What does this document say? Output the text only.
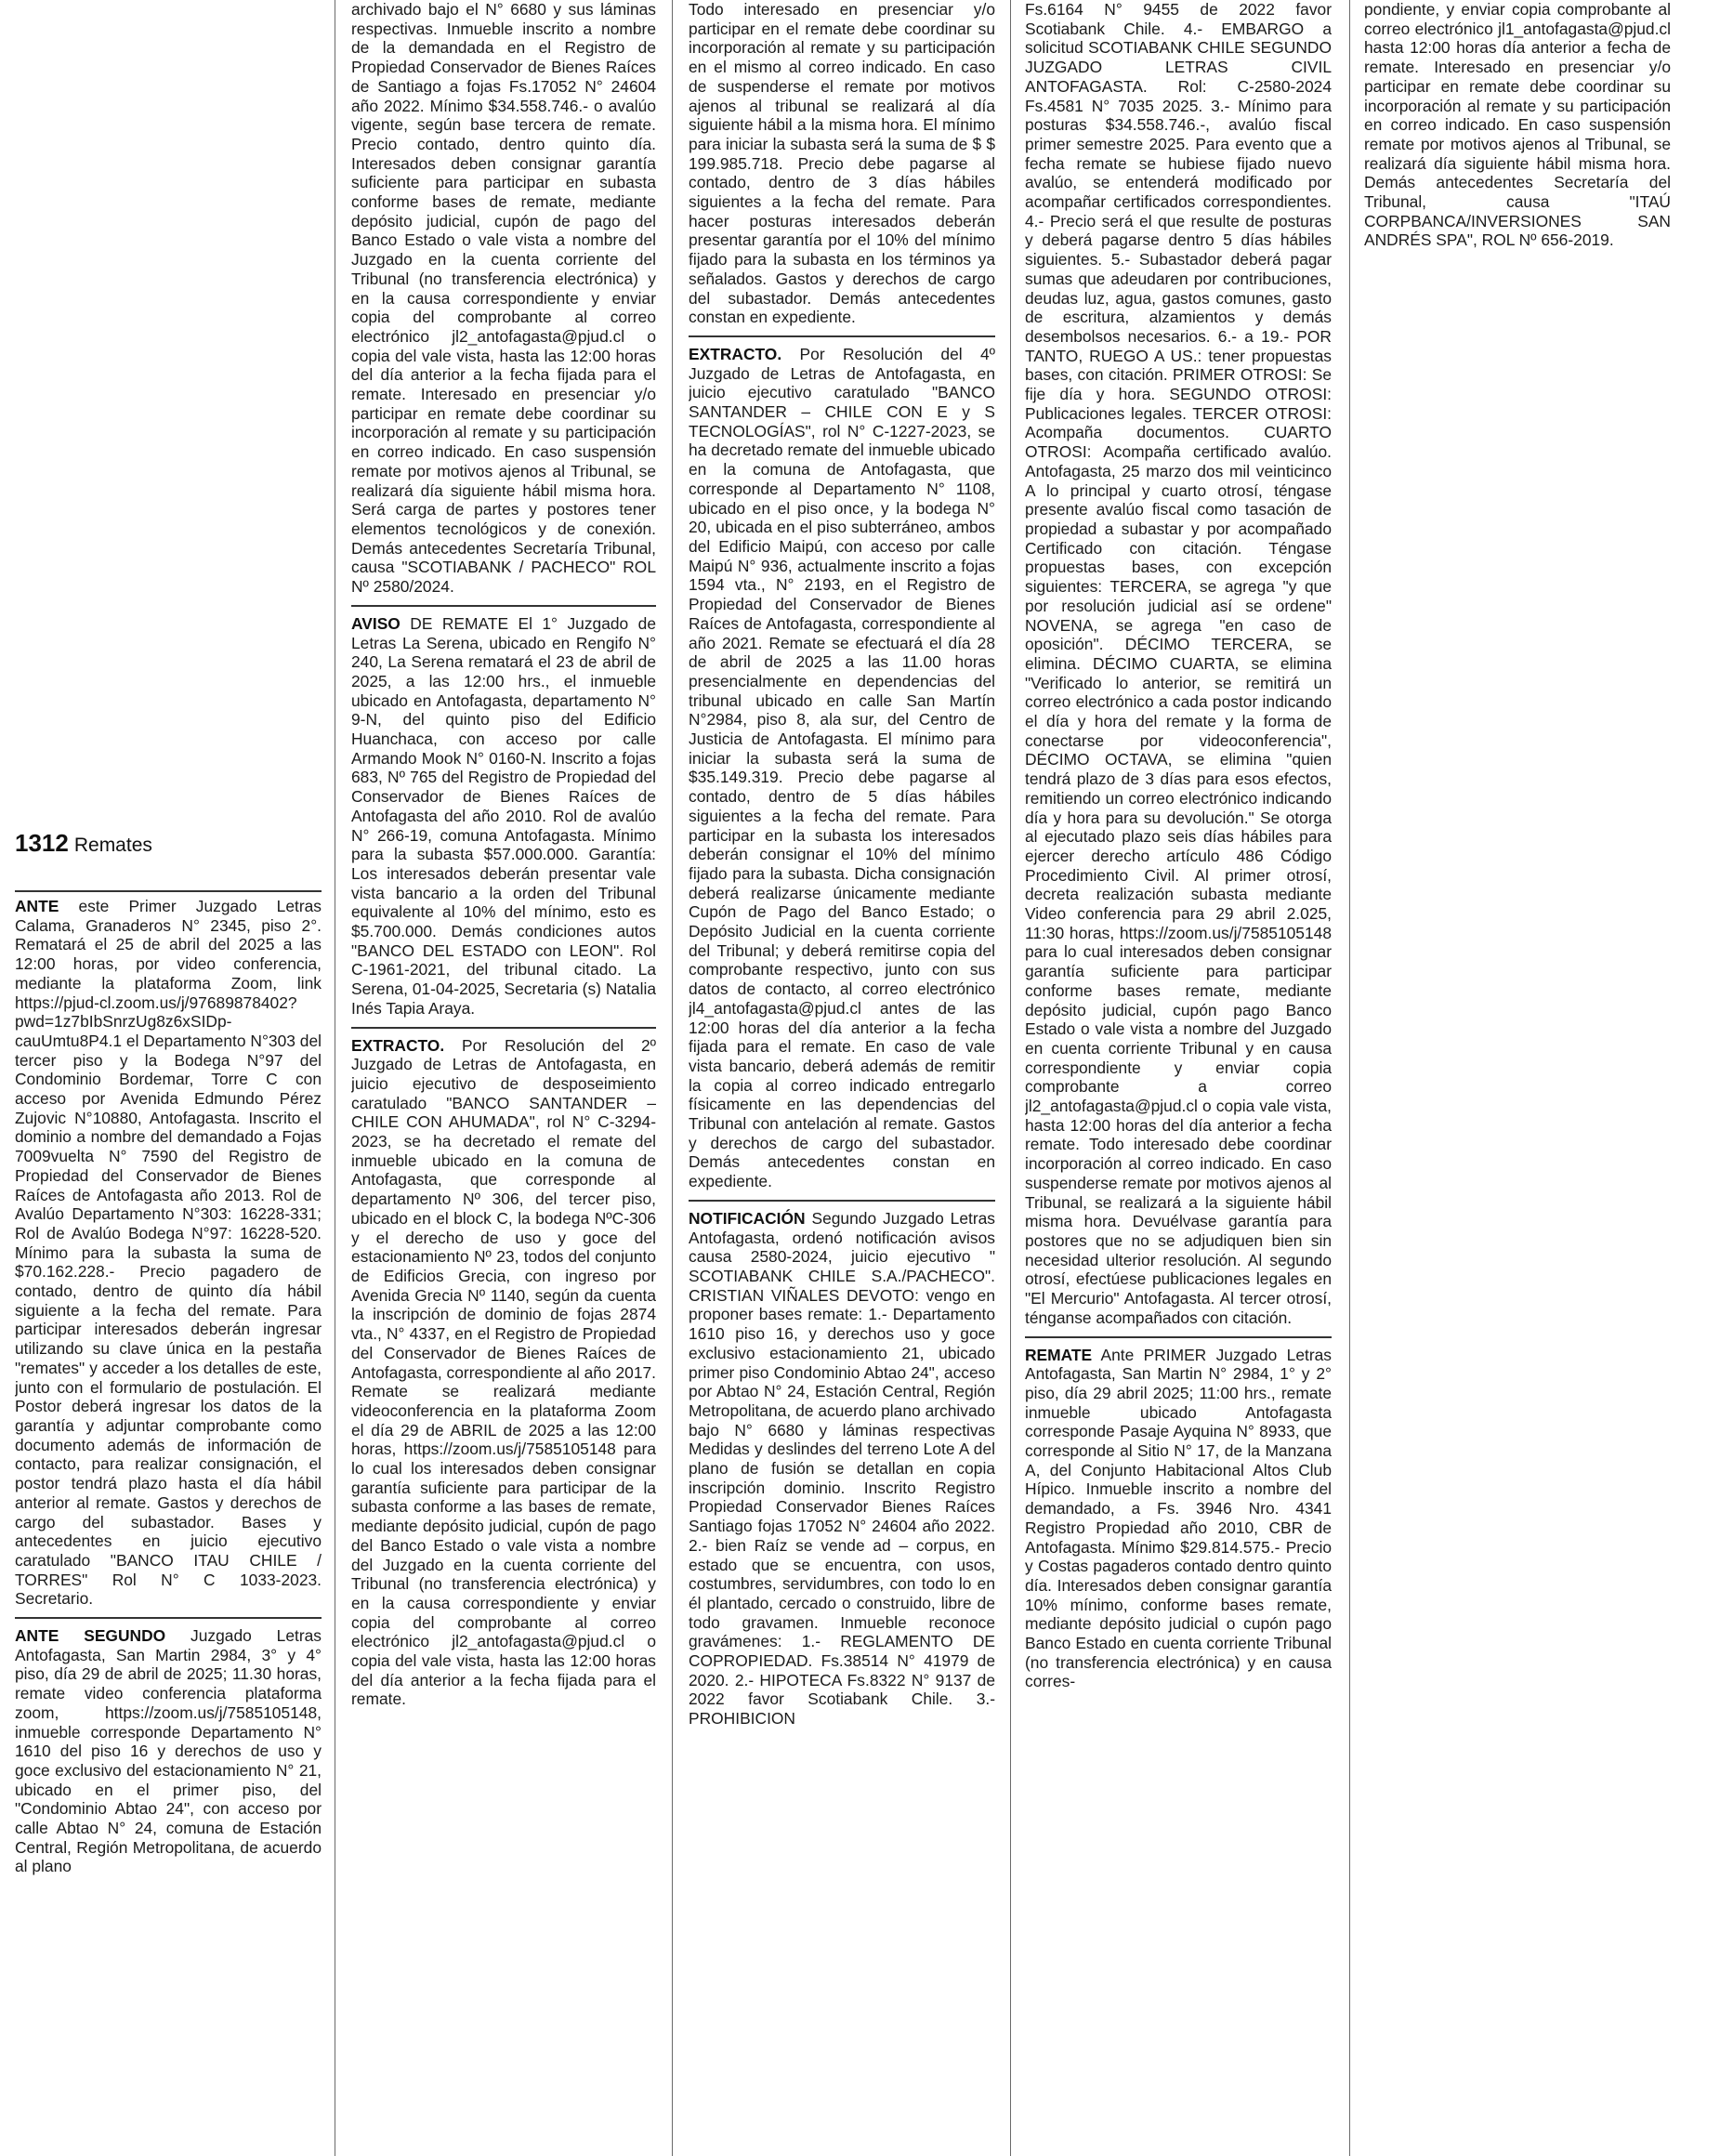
1312 Remates

ANTE este Primer Juzgado Letras Calama, Granaderos N° 2345, piso 2°. Rematará el 25 de abril del 2025 a las 12:00 horas, por video conferencia, mediante la plataforma Zoom, link https://pjud-cl.zoom.us/j/97689878402?pwd=1z7bIbSnrzUg8z6xSIDp-cauUmtu8P4.1 el Departamento N°303 del tercer piso y la Bodega N°97 del Condominio Bordemar, Torre C con acceso por Avenida Edmundo Pérez Zujovic N°10880, Antofagasta. Inscrito el dominio a nombre del demandado a Fojas 7009vuelta N° 7590 del Registro de Propiedad del Conservador de Bienes Raíces de Antofagasta año 2013. Rol de Avalúo Departamento N°303: 16228-331; Rol de Avalúo Bodega N°97: 16228-520. Mínimo para la subasta la suma de $70.162.228.- Precio pagadero de contado, dentro de quinto día hábil siguiente a la fecha del remate. Para participar interesados deberán ingresar utilizando su clave única en la pestaña "remates" y acceder a los detalles de este, junto con el formulario de postulación. El Postor deberá ingresar los datos de la garantía y adjuntar comprobante como documento además de información de contacto, para realizar consignación, el postor tendrá plazo hasta el día hábil anterior al remate. Gastos y derechos de cargo del subastador. Bases y antecedentes en juicio ejecutivo caratulado "BANCO ITAU CHILE / TORRES" Rol N° C 1033-2023. Secretario.

ANTE SEGUNDO Juzgado Letras Antofagasta, San Martin 2984, 3° y 4° piso, día 29 de abril de 2025; 11.30 horas, remate video conferencia plataforma zoom, https://zoom.us/j/7585105148, inmueble corresponde Departamento N° 1610 del piso 16 y derechos de uso y goce exclusivo del estacionamiento N° 21, ubicado en el primer piso, del "Condominio Abtao 24", con acceso por calle Abtao N° 24, comuna de Estación Central, Región Metropolitana, de acuerdo al plano

archivado bajo el N° 6680 y sus láminas respectivas. Inmueble inscrito a nombre de la demandada en el Registro de Propiedad Conservador de Bienes Raíces de Santiago a fojas Fs.17052 N° 24604 año 2022. Mínimo $34.558.746.- o avalúo vigente, según base tercera de remate. Precio contado, dentro quinto día. Interesados deben consignar garantía suficiente para participar en subasta conforme bases de remate, mediante depósito judicial, cupón de pago del Banco Estado o vale vista a nombre del Juzgado en la cuenta corriente del Tribunal (no transferencia electrónica) y en la causa correspondiente y enviar copia del comprobante al correo electrónico jl2_antofagasta@pjud.cl o copia del vale vista, hasta las 12:00 horas del día anterior a la fecha fijada para el remate. Interesado en presenciar y/o participar en remate debe coordinar su incorporación al remate y su participación en correo indicado. En caso suspensión remate por motivos ajenos al Tribunal, se realizará día siguiente hábil misma hora. Será carga de partes y postores tener elementos tecnológicos y de conexión. Demás antecedentes Secretaría Tribunal, causa "SCOTIABANK / PACHECO" ROL Nº 2580/2024.

AVISO DE REMATE El 1° Juzgado de Letras La Serena, ubicado en Rengifo N° 240, La Serena rematará el 23 de abril de 2025, a las 12:00 hrs., el inmueble ubicado en Antofagasta, departamento N° 9-N, del quinto piso del Edificio Huanchaca, con acceso por calle Armando Mook N° 0160-N. Inscrito a fojas 683, Nº 765 del Registro de Propiedad del Conservador de Bienes Raíces de Antofagasta del año 2010. Rol de avalúo N° 266-19, comuna Antofagasta. Mínimo para la subasta $57.000.000. Garantía: Los interesados deberán presentar vale vista bancario a la orden del Tribunal equivalente al 10% del mínimo, esto es $5.700.000. Demás condiciones autos "BANCO DEL ESTADO con LEON". Rol C-1961-2021, del tribunal citado. La Serena, 01-04-2025, Secretaria (s) Natalia Inés Tapia Araya.

EXTRACTO. Por Resolución del 2º Juzgado de Letras de Antofagasta, en juicio ejecutivo de desposeimiento caratulado "BANCO SANTANDER – CHILE CON AHUMADA", rol N° C-3294-2023, se ha decretado el remate del inmueble ubicado en la comuna de Antofagasta, que corresponde al departamento Nº 306, del tercer piso, ubicado en el block C, la bodega NºC-306 y el derecho de uso y goce del estacionamiento Nº 23, todos del conjunto de Edificios Grecia, con ingreso por Avenida Grecia Nº 1140, según da cuenta la inscripción de dominio de fojas 2874 vta., N° 4337, en el Registro de Propiedad del Conservador de Bienes Raíces de Antofagasta, correspondiente al año 2017. Remate se realizará mediante videoconferencia en la plataforma Zoom el día 29 de ABRIL de 2025 a las 12:00 horas, https://zoom.us/j/7585105148 para lo cual los interesados deben consignar garantía suficiente para participar de la subasta conforme a las bases de remate, mediante depósito judicial, cupón de pago del Banco Estado o vale vista a nombre del Juzgado en la cuenta corriente del Tribunal (no transferencia electrónica) y en la causa correspondiente y enviar copia del comprobante al correo electrónico jl2_antofagasta@pjud.cl o copia del vale vista, hasta las 12:00 horas del día anterior a la fecha fijada para el remate.

Todo interesado en presenciar y/o participar en el remate debe coordinar su incorporación al remate y su participación en el mismo al correo indicado. En caso de suspenderse el remate por motivos ajenos al tribunal se realizará al día siguiente hábil a la misma hora. El mínimo para iniciar la subasta será la suma de $ $ 199.985.718. Precio debe pagarse al contado, dentro de 3 días hábiles siguientes a la fecha del remate. Para hacer posturas interesados deberán presentar garantía por el 10% del mínimo fijado para la subasta en los términos ya señalados. Gastos y derechos de cargo del subastador. Demás antecedentes constan en expediente.

EXTRACTO. Por Resolución del 4º Juzgado de Letras de Antofagasta, en juicio ejecutivo caratulado "BANCO SANTANDER – CHILE CON E y S TECNOLOGÍAS", rol N° C-1227-2023, se ha decretado remate del inmueble ubicado en la comuna de Antofagasta, que corresponde al Departamento N° 1108, ubicado en el piso once, y la bodega N° 20, ubicada en el piso subterráneo, ambos del Edificio Maipú, con acceso por calle Maipú N° 936, actualmente inscrito a fojas 1594 vta., N° 2193, en el Registro de Propiedad del Conservador de Bienes Raíces de Antofagasta, correspondiente al año 2021. Remate se efectuará el día 28 de abril de 2025 a las 11.00 horas presencialmente en dependencias del tribunal ubicado en calle San Martín N°2984, piso 8, ala sur, del Centro de Justicia de Antofagasta. El mínimo para iniciar la subasta será la suma de $35.149.319. Precio debe pagarse al contado, dentro de 5 días hábiles siguientes a la fecha del remate. Para participar en la subasta los interesados deberán consignar el 10% del mínimo fijado para la subasta. Dicha consignación deberá realizarse únicamente mediante Cupón de Pago del Banco Estado; o Depósito Judicial en la cuenta corriente del Tribunal; y deberá remitirse copia del comprobante respectivo, junto con sus datos de contacto, al correo electrónico jl4_antofagasta@pjud.cl antes de las 12:00 horas del día anterior a la fecha fijada para el remate. En caso de vale vista bancario, deberá además de remitir la copia al correo indicado entregarlo físicamente en las dependencias del Tribunal con antelación al remate. Gastos y derechos de cargo del subastador. Demás antecedentes constan en expediente.

NOTIFICACIÓN Segundo Juzgado Letras Antofagasta, ordenó notificación avisos causa 2580-2024, juicio ejecutivo " SCOTIABANK CHILE S.A./PACHECO". CRISTIAN VIÑALES DEVOTO: vengo en proponer bases remate: 1.- Departamento 1610 piso 16, y derechos uso y goce exclusivo estacionamiento 21, ubicado primer piso Condominio Abtao 24", acceso por Abtao N° 24, Estación Central, Región Metropolitana, de acuerdo plano archivado bajo N° 6680 y láminas respectivas Medidas y deslindes del terreno Lote A del plano de fusión se detallan en copia inscripción dominio. Inscrito Registro Propiedad Conservador Bienes Raíces Santiago fojas 17052 N° 24604 año 2022. 2.- bien Raíz se vende ad – corpus, en estado que se encuentra, con usos, costumbres, servidumbres, con todo lo en él plantado, cercado o construido, libre de todo gravamen. Inmueble reconoce gravámenes: 1.- REGLAMENTO DE COPROPIEDAD. Fs.38514 N° 41979 de 2020. 2.- HIPOTECA Fs.8322 N° 9137 de 2022 favor Scotiabank Chile. 3.- PROHIBICION

Fs.6164 N° 9455 de 2022 favor Scotiabank Chile. 4.- EMBARGO a solicitud SCOTIABANK CHILE SEGUNDO JUZGADO LETRAS CIVIL ANTOFAGASTA. Rol: C-2580-2024 Fs.4581 N° 7035 2025. 3.- Mínimo para posturas $34.558.746.-, avalúo fiscal primer semestre 2025. Para evento que a fecha remate se hubiese fijado nuevo avalúo, se entenderá modificado por acompañar certificados correspondientes. 4.- Precio será el que resulte de posturas y deberá pagarse dentro 5 días hábiles siguientes. 5.- Subastador deberá pagar sumas que adeudaren por contribuciones, deudas luz, agua, gastos comunes, gasto de escritura, alzamientos y demás desembolsos necesarios. 6.- a 19.- POR TANTO, RUEGO A US.: tener propuestas bases, con citación. PRIMER OTROSI: Se fije día y hora. SEGUNDO OTROSI: Publicaciones legales. TERCER OTROSI: Acompaña documentos. CUARTO OTROSI: Acompaña certificado avalúo. Antofagasta, 25 marzo dos mil veinticinco A lo principal y cuarto otrosí, téngase presente avalúo fiscal como tasación de propiedad a subastar y por acompañado Certificado con citación. Téngase propuestas bases, con excepción siguientes: TERCERA, se agrega "y que por resolución judicial así se ordene" NOVENA, se agrega "en caso de oposición". DÉCIMO TERCERA, se elimina. DÉCIMO CUARTA, se elimina "Verificado lo anterior, se remitirá un correo electrónico a cada postor indicando el día y hora del remate y la forma de conectarse por videoconferencia", DÉCIMO OCTAVA, se elimina "quien tendrá plazo de 3 días para esos efectos, remitiendo un correo electrónico indicando día y hora para su devolución." Se otorga al ejecutado plazo seis días hábiles para ejercer derecho artículo 486 Código Procedimiento Civil. Al primer otrosí, decreta realización subasta mediante Video conferencia para 29 abril 2.025, 11:30 horas, https://zoom.us/j/7585105148 para lo cual interesados deben consignar garantía suficiente para participar conforme bases remate, mediante depósito judicial, cupón pago Banco Estado o vale vista a nombre del Juzgado en cuenta corriente Tribunal y en causa correspondiente y enviar copia comprobante a correo jl2_antofagasta@pjud.cl o copia vale vista, hasta 12:00 horas del día anterior a fecha remate. Todo interesado debe coordinar incorporación al correo indicado. En caso suspenderse remate por motivos ajenos al Tribunal, se realizará a la siguiente hábil misma hora. Devuélvase garantía para postores que no se adjudiquen bien sin necesidad ulterior resolución. Al segundo otrosí, efectúese publicaciones legales en "El Mercurio" Antofagasta. Al tercer otrosí, ténganse acompañados con citación.

REMATE Ante PRIMER Juzgado Letras Antofagasta, San Martin N° 2984, 1° y 2° piso, día 29 abril 2025; 11:00 hrs., remate inmueble ubicado Antofagasta corresponde Pasaje Ayquina N° 8933, que corresponde al Sitio N° 17, de la Manzana A, del Conjunto Habitacional Altos Club Hípico. Inmueble inscrito a nombre del demandado, a Fs. 3946 Nro. 4341 Registro Propiedad año 2010, CBR de Antofagasta. Mínimo $29.814.575.- Precio y Costas pagaderos contado dentro quinto día. Interesados deben consignar garantía 10% mínimo, conforme bases remate, mediante depósito judicial o cupón pago Banco Estado en cuenta corriente Tribunal (no transferencia electrónica) y en causa corres-

pondiente, y enviar copia comprobante al correo electrónico jl1_antofagasta@pjud.cl hasta 12:00 horas día anterior a fecha de remate. Interesado en presenciar y/o participar en remate debe coordinar su incorporación al remate y su participación en correo indicado. En caso suspensión remate por motivos ajenos al Tribunal, se realizará día siguiente hábil misma hora. Demás antecedentes Secretaría del Tribunal, causa "ITAÚ CORPBANCA/INVERSIONES SAN ANDRÉS SPA", ROL Nº 656-2019.
